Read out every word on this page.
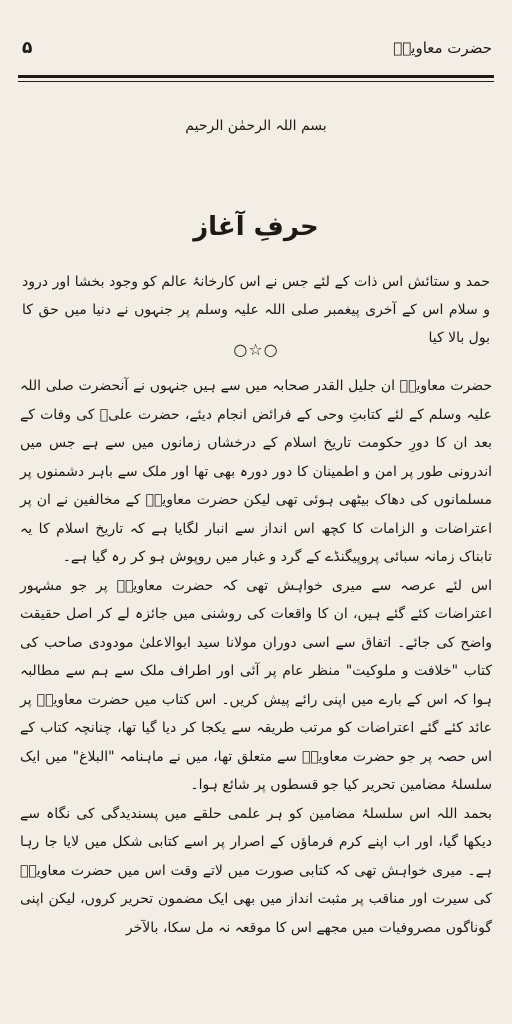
۵	حضرت معاویہؓ
بسم اللہ الرحمٰن الرحیم
حرفِ آغاز
حمد و ستائش اس ذات کے لئے جس نے اس کارخانۂ عالم کو وجود بخشا اور درود و سلام اس کے آخری پیغمبر صلی اللہ علیہ وسلم پر جنہوں نے دنیا میں حق کا بول بالا کیا
○☆○

حضرت معاویہؓ ان جلیل القدر صحابہ میں سے ہیں جنہوں نے آنحضرت صلی اللہ علیہ وسلم کے لئے کتابتِ وحی کے فرائض انجام دیئے، حضرت علیؓ کی وفات کے بعد ان کا دورِ حکومت تاریخ اسلام کے درخشاں زمانوں میں سے ہے جس میں اندرونی طور پر امن و اطمینان کا دور دورہ بھی تھا اور ملک سے باہر دشمنوں پر مسلمانوں کی دھاک بیٹھی ہوئی تھی لیکن حضرت معاویہؓ کے مخالفین نے ان پر اعتراضات و الزامات کا کچھ اس انداز سے انبار لگایا ہے کہ تاریخ اسلام کا یہ تابناک زمانہ سبائی پروپیگنڈے کے گرد و غبار میں روپوش ہو کر رہ گیا ہے۔

اس لئے عرصہ سے میری خواہش تھی کہ حضرت معاویہؓ پر جو مشہور اعتراضات کئے گئے ہیں، ان کا واقعات کی روشنی میں جائزہ لے کر اصل حقیقت واضح کی جائے۔ اتفاق سے اسی دوران مولانا سید ابوالاعلیٰ مودودی صاحب کی کتاب "خلافت و ملوکیت" منظر عام پر آئی اور اطراف ملک سے ہم سے مطالبہ ہوا کہ اس کے بارے میں اپنی رائے پیش کریں۔ اس کتاب میں حضرت معاویہؓ پر عائد کئے گئے اعتراضات کو مرتب طریقہ سے یکجا کر دیا گیا تھا، چنانچہ کتاب کے اس حصہ پر جو حضرت معاویہؓ سے متعلق تھا، میں نے ماہنامہ "البلاغ" میں ایک سلسلۂ مضامین تحریر کیا جو قسطوں پر شائع ہوا۔

بحمد اللہ اس سلسلۂ مضامین کو ہر علمی حلقے میں پسندیدگی کی نگاہ سے دیکھا گیا، اور اب اپنے کرم فرماؤں کے اصرار پر اسے کتابی شکل میں لایا جا رہا ہے۔ میری خواہش تھی کہ کتابی صورت میں لاتے وقت اس میں حضرت معاویہؓ کی سیرت اور مناقب پر مثبت انداز میں بھی ایک مضمون تحریر کروں، لیکن اپنی گوناگوں مصروفیات میں مجھے اس کا موقعہ نہ مل سکا، بالآخر
